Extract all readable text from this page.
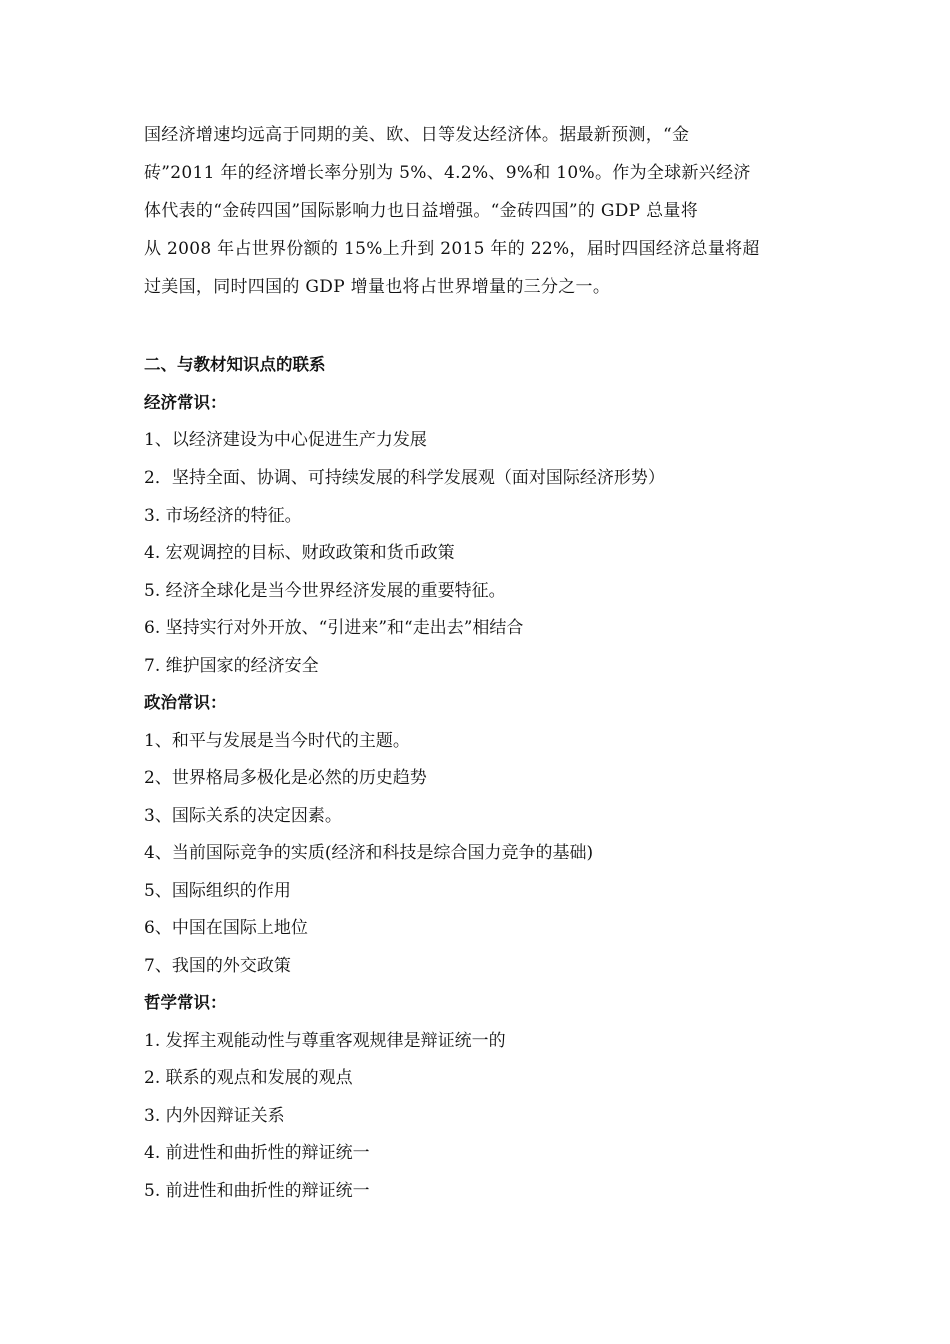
国经济增速均远高于同期的美、欧、日等发达经济体。据最新预测，“金
砖”2011 年的经济增长率分别为 5%、4.2%、9%和 10%。作为全球新兴经济
体代表的“金砖四国”国际影响力也日益增强。“金砖四国”的 GDP 总量将
从 2008 年占世界份额的 15%上升到 2015 年的 22%，届时四国经济总量将超
过美国，同时四国的 GDP 增量也将占世界增量的三分之一。
二、与教材知识点的联系
经济常识：
1、以经济建设为中心促进生产力发展
2．坚持全面、协调、可持续发展的科学发展观（面对国际经济形势）
3. 市场经济的特征。
4. 宏观调控的目标、财政政策和货币政策
5. 经济全球化是当今世界经济发展的重要特征。
6. 坚持实行对外开放、“引进来”和“走出去”相结合
7. 维护国家的经济安全
政治常识：
1、和平与发展是当今时代的主题。
2、世界格局多极化是必然的历史趋势
3、国际关系的决定因素。
4、当前国际竞争的实质(经济和科技是综合国力竞争的基础)
5、国际组织的作用
6、中国在国际上地位
7、我国的外交政策
哲学常识：
1. 发挥主观能动性与尊重客观规律是辩证统一的
2. 联系的观点和发展的观点
3. 内外因辩证关系
4. 前进性和曲折性的辩证统一
5. 前进性和曲折性的辩证统一
